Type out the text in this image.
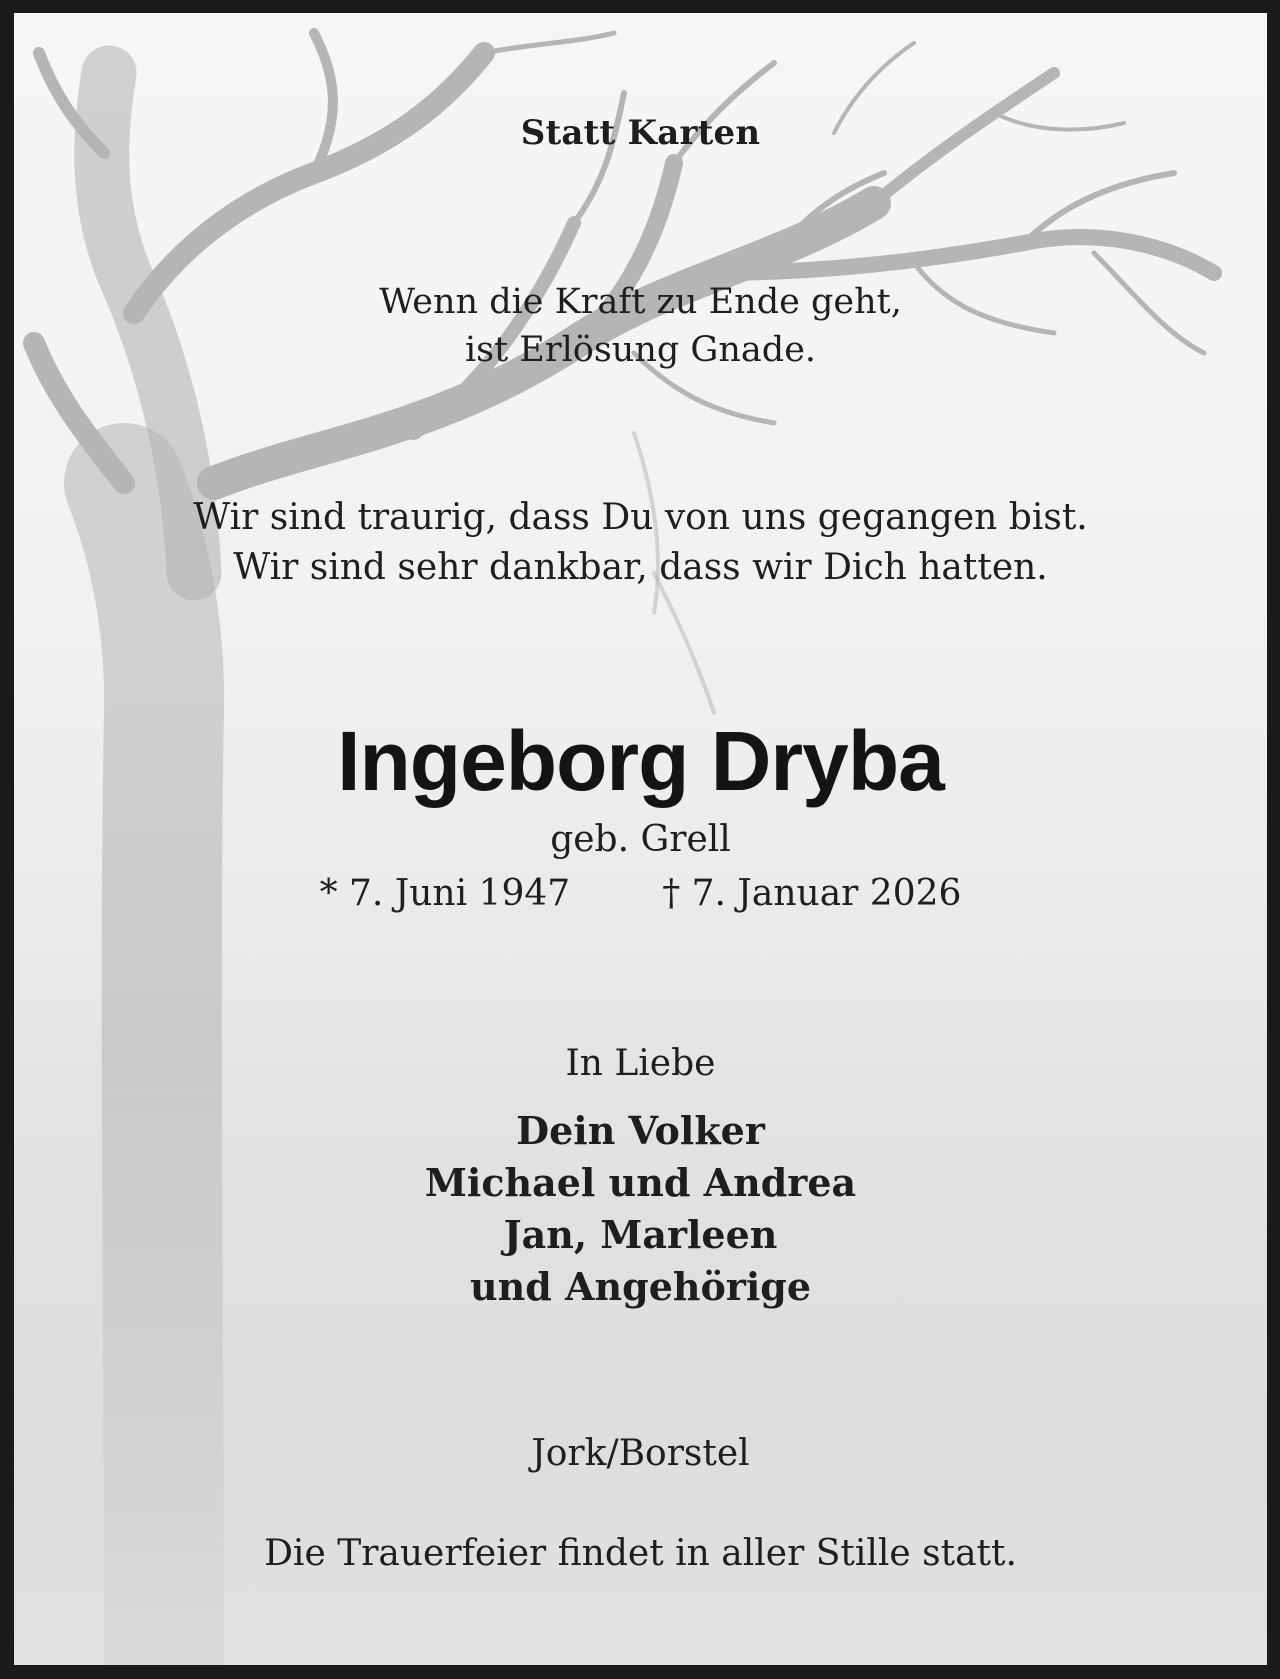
Statt Karten
Wenn die Kraft zu Ende geht,
ist Erlösung Gnade.
Wir sind traurig, dass Du von uns gegangen bist.
Wir sind sehr dankbar, dass wir Dich hatten.
Ingeborg Dryba
geb. Grell
* 7. Juni 1947	† 7. Januar 2026
In Liebe
Dein Volker
Michael und Andrea
Jan, Marleen
und Angehörige
Jork/Borstel
Die Trauerfeier findet in aller Stille statt.
